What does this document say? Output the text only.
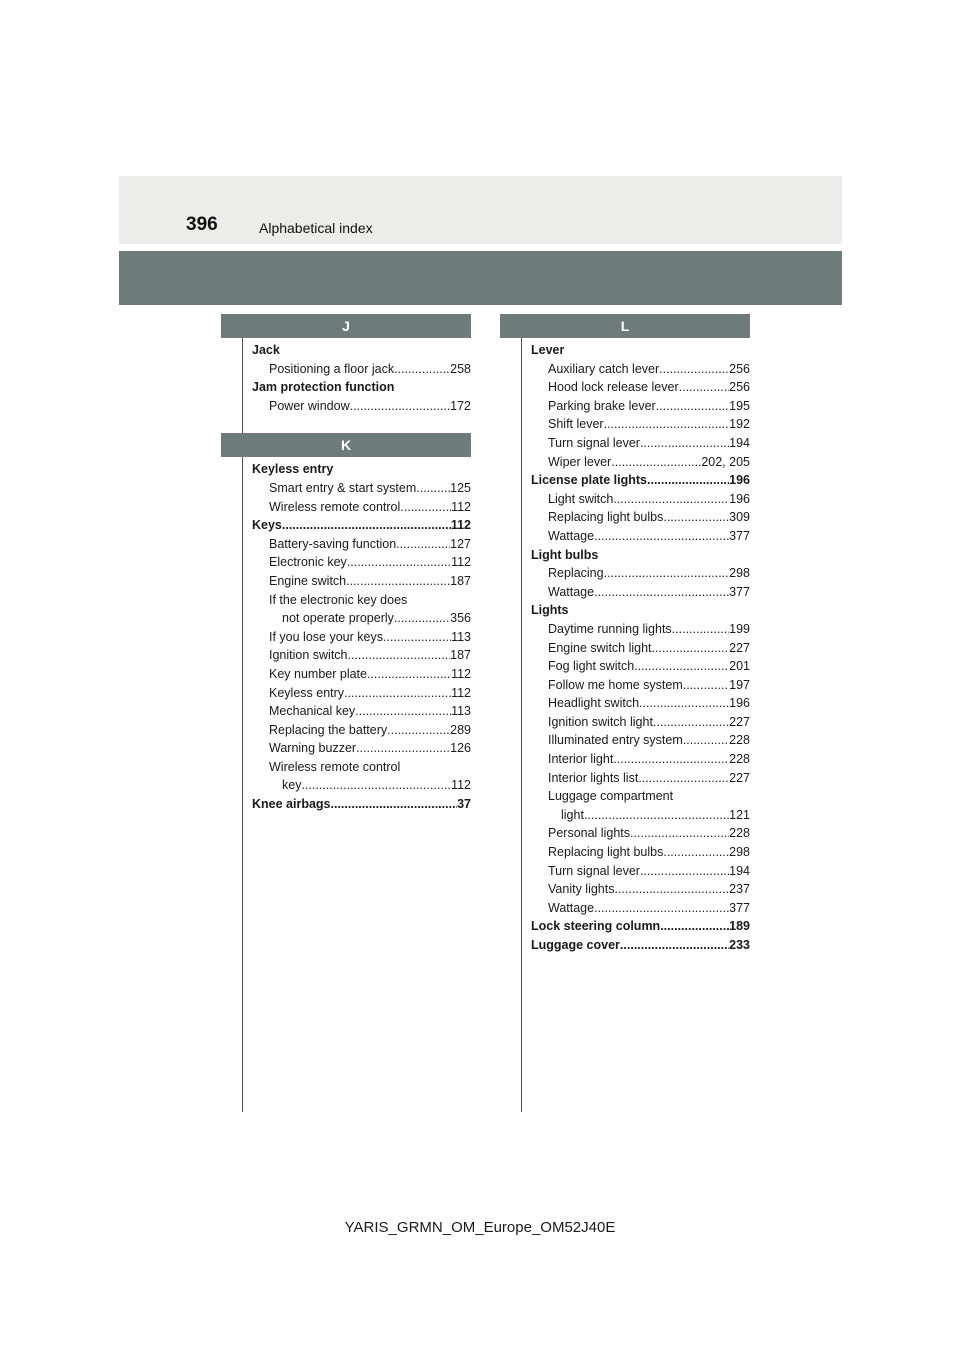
396	Alphabetical index
J
Jack
Positioning a floor jack .....	258
Jam protection function
Power window .....	172
K
Keyless entry
Smart entry & start system .....	125
Wireless remote control .....	112
Keys .....	112
Battery-saving function .....	127
Electronic key .....	112
Engine switch .....	187
If the electronic key does
not operate properly .....	356
If you lose your keys .....	113
Ignition switch .....	187
Key number plate .....	112
Keyless entry .....	112
Mechanical key .....	113
Replacing the battery .....	289
Warning buzzer .....	126
Wireless remote control
key .....	112
Knee airbags .....	37
L
Lever
Auxiliary catch lever .....	256
Hood lock release lever .....	256
Parking brake lever .....	195
Shift lever .....	192
Turn signal lever .....	194
Wiper lever .....	202, 205
License plate lights .....	196
Light switch .....	196
Replacing light bulbs .....	309
Wattage .....	377
Light bulbs
Replacing .....	298
Wattage .....	377
Lights
Daytime running lights .....	199
Engine switch light .....	227
Fog light switch .....	201
Follow me home system .....	197
Headlight switch .....	196
Ignition switch light .....	227
Illuminated entry system .....	228
Interior light .....	228
Interior lights list .....	227
Luggage compartment
light .....	121
Personal lights .....	228
Replacing light bulbs .....	298
Turn signal lever .....	194
Vanity lights .....	237
Wattage .....	377
Lock steering column .....	189
Luggage cover .....	233
YARIS_GRMN_OM_Europe_OM52J40E
